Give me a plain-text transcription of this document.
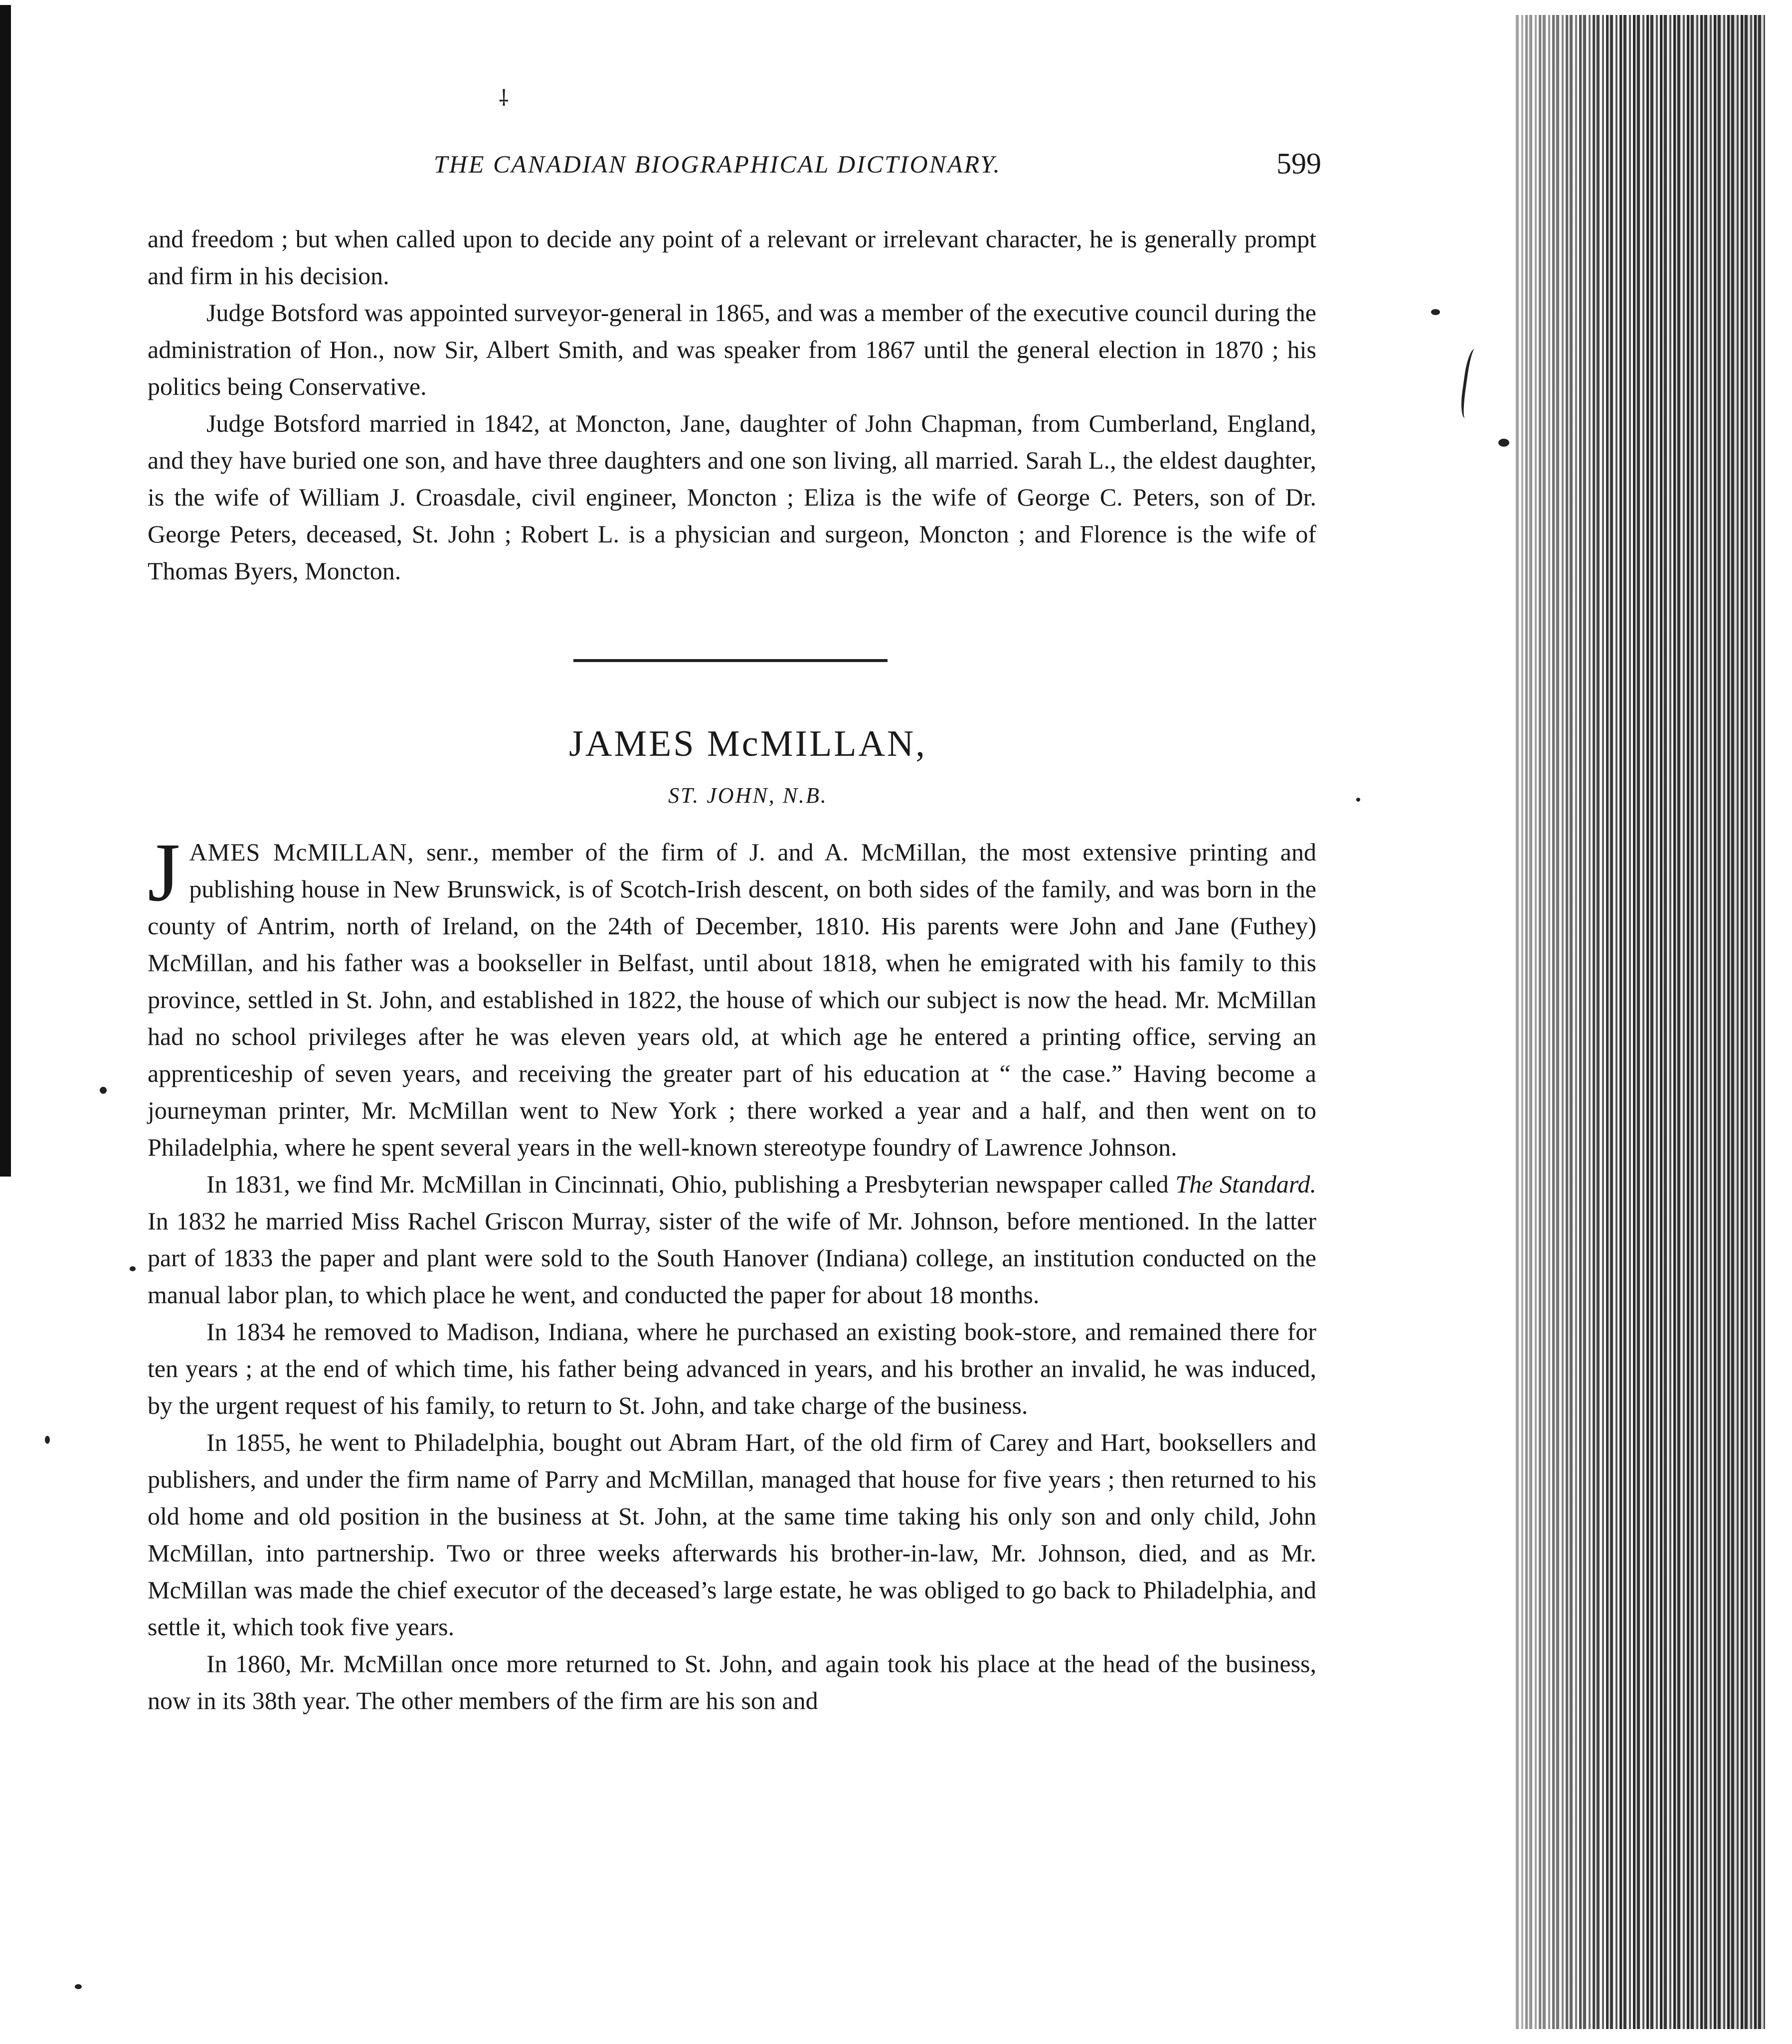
⸸
THE CANADIAN BIOGRAPHICAL DICTIONARY.	599

and freedom ; but when called upon to decide any point of a relevant or irrelevant character, he is generally prompt and firm in his decision.

Judge Botsford was appointed surveyor-general in 1865, and was a member of the executive council during the administration of Hon., now Sir, Albert Smith, and was speaker from 1867 until the general election in 1870 ; his politics being Conservative.

Judge Botsford married in 1842, at Moncton, Jane, daughter of John Chapman, from Cumberland, England, and they have buried one son, and have three daughters and one son living, all married. Sarah L., the eldest daughter, is the wife of William J. Croasdale, civil engineer, Moncton ; Eliza is the wife of George C. Peters, son of Dr. George Peters, deceased, St. John ; Robert L. is a physician and surgeon, Moncton ; and Florence is the wife of Thomas Byers, Moncton.

JAMES McMILLAN,
ST. JOHN, N.B.

JAMES McMILLAN, senr., member of the firm of J. and A. McMillan, the most extensive printing and publishing house in New Brunswick, is of Scotch-Irish descent, on both sides of the family, and was born in the county of Antrim, north of Ireland, on the 24th of December, 1810. His parents were John and Jane (Futhey) McMillan, and his father was a bookseller in Belfast, until about 1818, when he emigrated with his family to this province, settled in St. John, and established in 1822, the house of which our subject is now the head. Mr. McMillan had no school privileges after he was eleven years old, at which age he entered a printing office, serving an apprenticeship of seven years, and receiving the greater part of his education at “ the case.” Having become a journeyman printer, Mr. McMillan went to New York ; there worked a year and a half, and then went on to Philadelphia, where he spent several years in the well-known stereotype foundry of Lawrence Johnson.

In 1831, we find Mr. McMillan in Cincinnati, Ohio, publishing a Presbyterian newspaper called The Standard. In 1832 he married Miss Rachel Griscon Murray, sister of the wife of Mr. Johnson, before mentioned. In the latter part of 1833 the paper and plant were sold to the South Hanover (Indiana) college, an institution conducted on the manual labor plan, to which place he went, and conducted the paper for about 18 months.

In 1834 he removed to Madison, Indiana, where he purchased an existing book-store, and remained there for ten years ; at the end of which time, his father being advanced in years, and his brother an invalid, he was induced, by the urgent request of his family, to return to St. John, and take charge of the business.

In 1855, he went to Philadelphia, bought out Abram Hart, of the old firm of Carey and Hart, booksellers and publishers, and under the firm name of Parry and McMillan, managed that house for five years ; then returned to his old home and old position in the business at St. John, at the same time taking his only son and only child, John McMillan, into partnership. Two or three weeks afterwards his brother-in-law, Mr. Johnson, died, and as Mr. McMillan was made the chief executor of the deceased’s large estate, he was obliged to go back to Philadelphia, and settle it, which took five years.

In 1860, Mr. McMillan once more returned to St. John, and again took his place at the head of the business, now in its 38th year. The other members of the firm are his son and
